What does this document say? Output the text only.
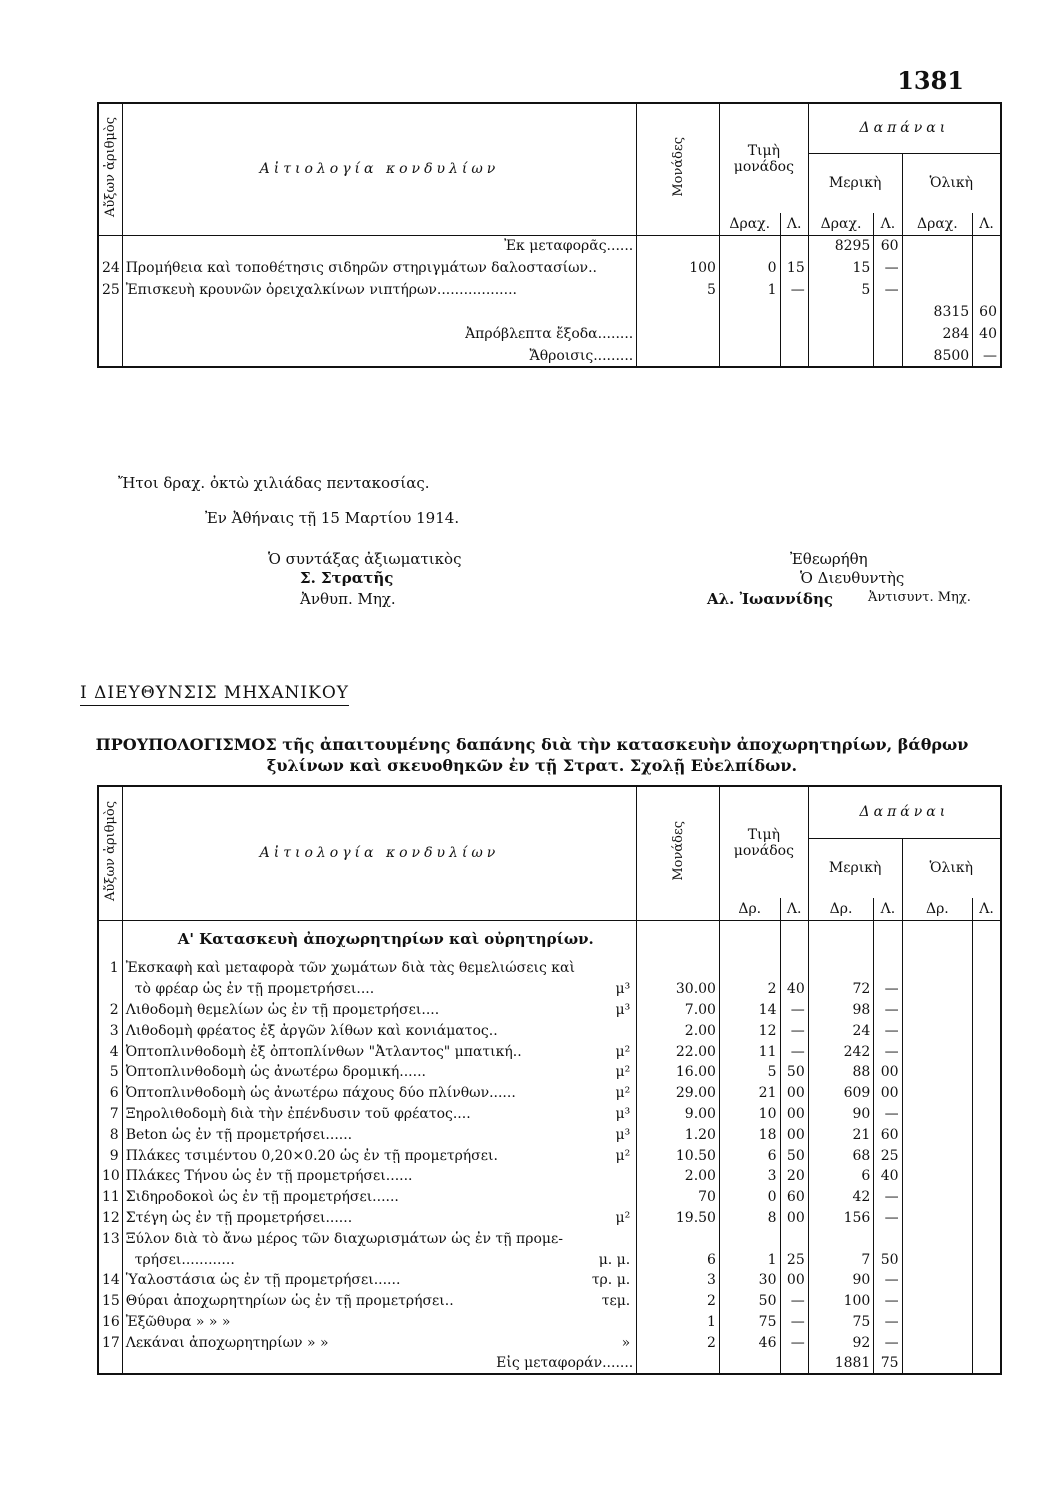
1381
Αὔξων ἀριθμὸς	Αἰτιολογία κονδυλίων	Μονάδες	Τιμὴ
μονάδος		Δαπάναι			
					Μερικὴ		Ὁλικὴ	
			Δραχ.	Λ.	Δραχ.	Λ.	Δραχ.	Λ.
	Ἐκ μεταφορᾶς......				8295	60		
24	Προμήθεια καὶ τοποθέτησις σιδηρῶν στηριγμάτων δαλοστασίων..	100	0	15	15	—		
25	Ἐπισκευὴ κρουνῶν ὀρειχαλκίνων νιπτήρων..................	5	1	—	5	—		
							8315	60
	Ἀπρόβλεπτα ἔξοδα........						284	40
	Ἄθροισις.........						8500	—
Ἤτοι δραχ. ὀκτὼ χιλιάδας πεντακοσίας.
Ἐν Ἀθήναις τῇ 15 Μαρτίου 1914.
Ὁ συντάξας ἀξιωματικὸς
Σ. Στρατῆς
Ἀνθυπ. Μηχ.
Ἐθεωρήθη
Ὁ Διευθυντὴς
Αλ. Ἰωαννίδης	Ἀντισυντ. Μηχ.
Ι ΔΙΕΥΘΥΝΣΙΣ ΜΗΧΑΝΙΚΟΥ
ΠΡΟΥΠΟΛΟΓΙΣΜΟΣ τῆς ἀπαιτουμένης δαπάνης διὰ τὴν κατασκευὴν ἀποχωρητηρίων, βάθρων
ξυλίνων καὶ σκευοθηκῶν ἐν τῇ Στρατ. Σχολῇ Εὐελπίδων.
Αὔξων ἀριθμὸς	Αἰτιολογία κονδυλίων	Μονάδες	Τιμὴ
μονάδος		Δαπάναι			
					Μερικὴ		Ὁλικὴ	
			Δρ.	Λ.	Δρ.	Λ.	Δρ.	Λ.
	Α' Κατασκευὴ ἀποχωρητηρίων καὶ οὐρητηρίων.							
1	Ἐκσκαφὴ καὶ μεταφορὰ τῶν χωμάτων διὰ τὰς θεμελιώσεις καὶ

	τὸ φρέαρ ὡς ἐν τῇ προμετρήσει.... μ³	30.00	2	40	72	—		
2	Λιθοδομὴ θεμελίων ὡς ἐν τῇ προμετρήσει.... μ³	7.00	14	—	98	—		
3	Λιθοδομὴ φρέατος ἐξ ἀργῶν λίθων καὶ κονιάματος..	2.00	12	—	24	—		
4	Ὀπτοπλινθοδομὴ ἐξ ὀπτοπλίνθων "Ἀτλαντος" μπατική.. μ²	22.00	11	—	242	—		
5	Ὀπτοπλινθοδομὴ ὡς ἀνωτέρω δρομική...... μ²	16.00	5	50	88	00		
6	Ὀπτοπλινθοδομὴ ὡς ἀνωτέρω πάχους δύο πλίνθων...... μ²	29.00	21	00	609	00		
7	Ξηρολιθοδομὴ διὰ τὴν ἐπένδυσιν τοῦ φρέατος.... μ³	9.00	10	00	90	—		
8	Beton ὡς ἐν τῇ προμετρήσει...... μ³	1.20	18	00	21	60		
9	Πλάκες τσιμέντου 0,20×0.20 ὡς ἐν τῇ προμετρήσει. μ²	10.50	6	50	68	25		
10	Πλάκες Τήνου ὡς ἐν τῇ προμετρήσει......	2.00	3	20	6	40		
11	Σιδηροδοκοὶ ὡς ἐν τῇ προμετρήσει......	70	0	60	42	—		
12	Στέγη ὡς ἐν τῇ προμετρήσει...... μ²	19.50	8	00	156	—		
13	Ξύλον διὰ τὸ ἄνω μέρος τῶν διαχωρισμάτων ὡς ἐν τῇ προμε-

	τρήσει............ μ. μ.	6	1	25	7	50		
14	Ὑαλοστάσια ὡς ἐν τῇ προμετρήσει...... τρ. μ.	3	30	00	90	—		
15	Θύραι ἀποχωρητηρίων ὡς ἐν τῇ προμετρήσει.. τεμ.	2	50	—	100	—		
16	Ἐξῶθυρα » » »	1	75	—	75	—		
17	Λεκάναι ἀποχωρητηρίων » » »	2	46	—	92	—		
	Εἰς μεταφοράν.......				1881	75		
